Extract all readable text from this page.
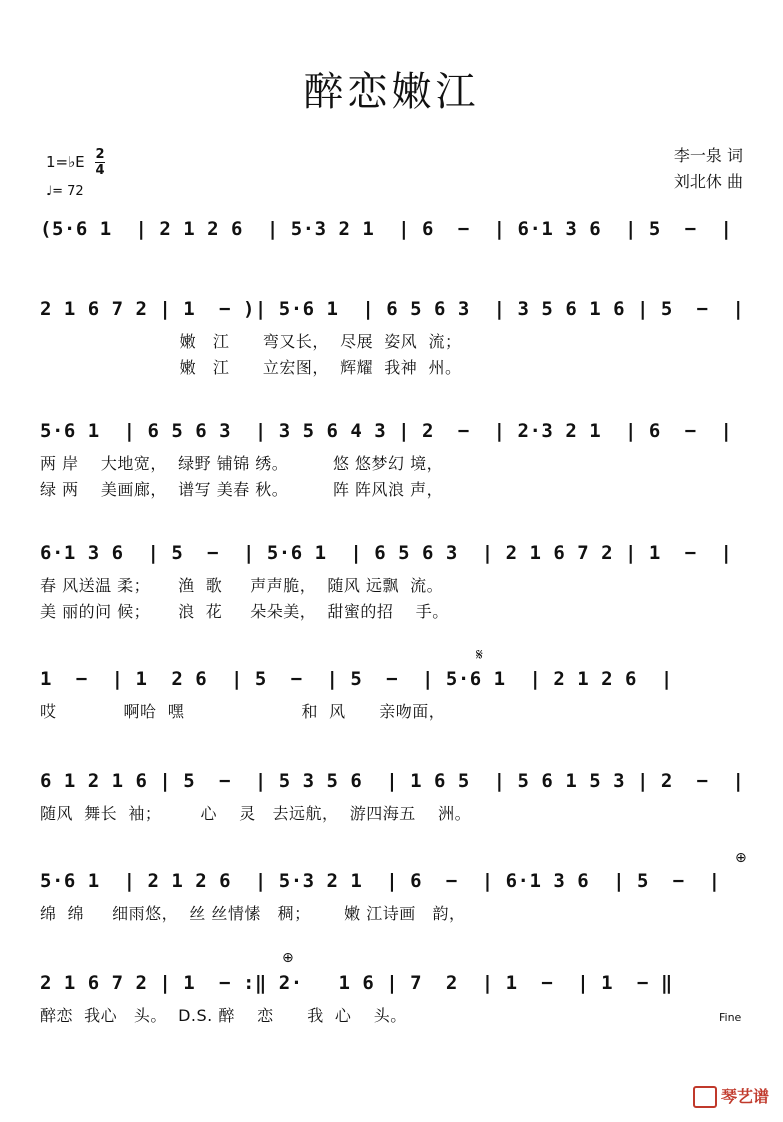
醉恋嫩江
1=♭E $\frac{2}{4}$
♩= 72
李一泉 词
刘北休 曲
(5·6 1  | 2 1 2 6  | 5·3 2 1  | 6  −  | 6·1 3 6  | 5  −  |
2 1 6 7 2 | 1  − )| 5·6 1  | 6 5 6 3  | 3 5 6 1 6 | 5  −  |
嫩   江      弯又长，  尽展  姿风  流；
嫩   江      立宏图，  辉耀  我神  州。
5·6 1  | 6 5 6 3  | 3 5 6 4 3 | 2  −  | 2·3 2 1  | 6  −  |
两 岸    大地宽，  绿野 铺锦 绣。        悠 悠梦幻 境，
绿 两    美画廊，  谱写 美春 秋。        阵 阵风浪 声，
6·1 3 6  | 5  −  | 5·6 1  | 6 5 6 3  | 2 1 6 7 2 | 1  −  |
春 风送温 柔；     渔  歌     声声脆，  随风 远飘  流。
美 丽的问 候；     浪  花     朵朵美，  甜蜜的招    手。
1  −  | 1  2 6  | 5  −  | 5  −  | 5·6 1  | 2 1 2 6  |
哎            啊哈  嘿                     和  风      亲吻面，
6 1 2 1 6 | 5  −  | 5 3 5 6  | 1 6 5  | 5 6 1 5 3 | 2  −  |
随风  舞长  袖；       心    灵   去远航，  游四海五    洲。
5·6 1  | 2 1 2 6  | 5·3 2 1  | 6  −  | 6·1 3 6  | 5  −  |
绵  绵     细雨悠，  丝 丝情愫   稠；      嫩 江诗画   韵，
2 1 6 7 2 | 1  − :‖ 2·   1 6 | 7  2  | 1  −  | 1  − ‖
醉恋  我心   头。  D.S. 醉    恋      我  心    头。
𝄋
⊕
⊕
Fine
琴艺谱
